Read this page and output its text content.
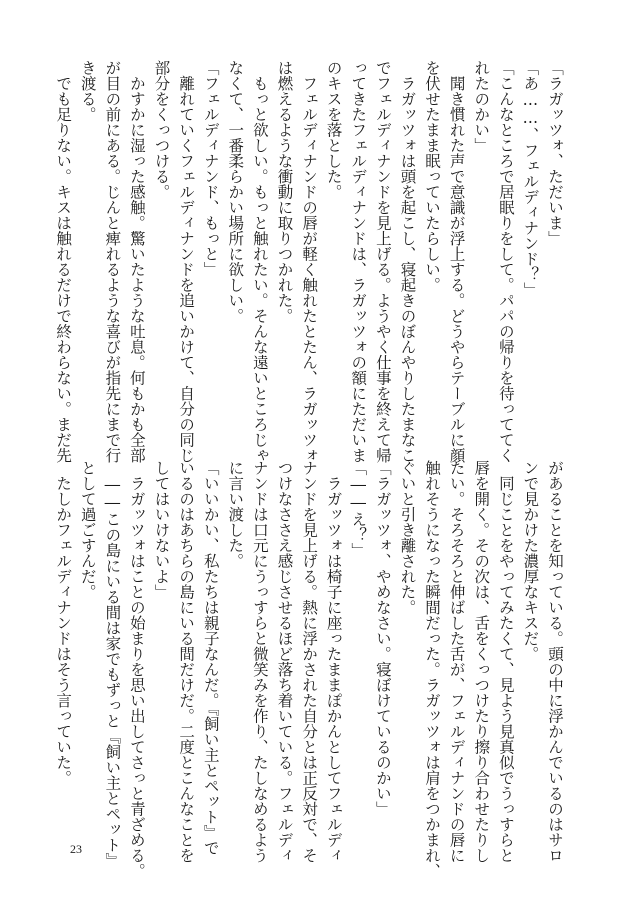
「ラガッツォ、ただいま」
「あ……、フェルディナンド？」
「こんなところで居眠りをして。パパの帰りを待っててく
れたのかい」
　聞き慣れた声で意識が浮上する。どうやらテーブルに顔
を伏せたまま眠っていたらしい。
　ラガッツォは頭を起こし、寝起きのぼんやりしたまなこ
でフェルディナンドを見上げる。ようやく仕事を終えて帰
ってきたフェルディナンドは、ラガッツォの額にただいま
のキスを落とした。
　フェルディナンドの唇が軽く触れたとたん、ラガッツォ
は燃えるような衝動に取りつかれた。
　もっと欲しい。もっと触れたい。そんな遠いところじゃ
なくて、一番柔らかい場所に欲しい。
「フェルディナンド、もっと」
　離れていくフェルディナンドを追いかけて、自分の同じ
部分をくっつける。
　かすかに湿った感触。驚いたような吐息。何もかも全部
が目の前にある。じんと痺れるような喜びが指先にまで行
き渡る。
　でも足りない。キスは触れるだけで終わらない。まだ先
があることを知っている。頭の中に浮かんでいるのはサロ
ンで見かけた濃厚なキスだ。
　同じことをやってみたくて、見よう見真似でうっすらと
唇を開く。その次は、舌をくっつけたり擦り合わせたりし
たい。そろそろと伸ばした舌が、フェルディナンドの唇に
触れそうになった瞬間だった。ラガッツォは肩をつかまれ、
ぐいと引き離された。
「ラガッツォ、やめなさい。寝ぼけているのかい」
「――え？」
　ラガッツォは椅子に座ったままぽかんとしてフェルディ
ナンドを見上げる。熱に浮かされた自分とは正反対で、そ
つけなささえ感じさせるほど落ち着いている。フェルディ
ナンドは口元にうっすらと微笑みを作り、たしなめるよう
に言い渡した。
「いいかい、私たちは親子なんだ。『飼い主とペット』で
いるのはあちらの島にいる間だけだ。二度とこんなことを
してはいけないよ」
　ラガッツォはことの始まりを思い出してさっと青ざめる。
　――この島にいる間は家でもずっと『飼い主とペット』
として過ごすんだ。
　たしかフェルディナンドはそう言っていた。
23
